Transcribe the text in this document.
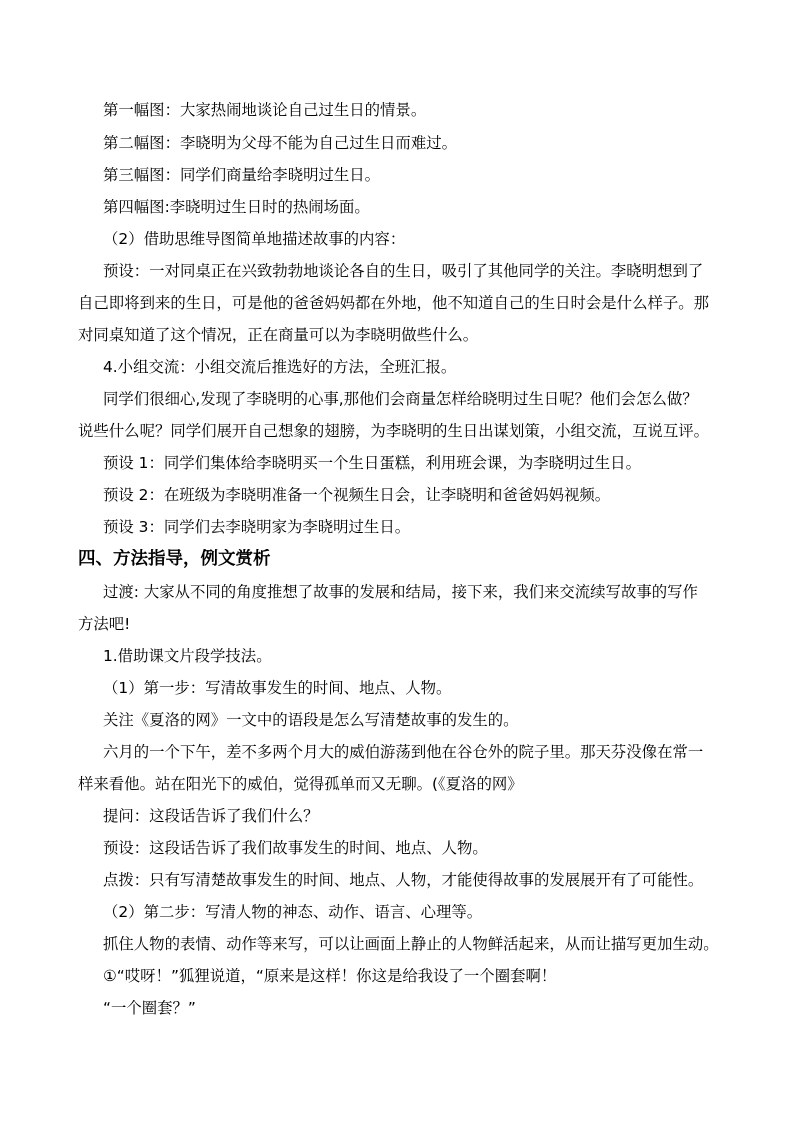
第一幅图：大家热闹地谈论自己过生日的情景。
第二幅图：李晓明为父母不能为自己过生日而难过。
第三幅图：同学们商量给李晓明过生日。
第四幅图:李晓明过生日时的热闹场面。
（2）借助思维导图简单地描述故事的内容：
预设：一对同桌正在兴致勃勃地谈论各自的生日，吸引了其他同学的关注。李晓明想到了
自己即将到来的生日，可是他的爸爸妈妈都在外地，他不知道自己的生日时会是什么样子。那
对同桌知道了这个情况，正在商量可以为李晓明做些什么。
4.小组交流：小组交流后推选好的方法，全班汇报。
同学们很细心,发现了李晓明的心事,那他们会商量怎样给晓明过生日呢？他们会怎么做？
说些什么呢？同学们展开自己想象的翅膀，为李晓明的生日出谋划策，小组交流，互说互评。
预设 1：同学们集体给李晓明买一个生日蛋糕，利用班会课，为李晓明过生日。
预设 2：在班级为李晓明准备一个视频生日会，让李晓明和爸爸妈妈视频。
预设 3：同学们去李晓明家为李晓明过生日。
四、方法指导，例文赏析
过渡: 大家从不同的角度推想了故事的发展和结局，接下来，我们来交流续写故事的写作
方法吧!
1.借助课文片段学技法。
（1）第一步：写清故事发生的时间、地点、人物。
关注《夏洛的网》一文中的语段是怎么写清楚故事的发生的。
六月的一个下午，差不多两个月大的威伯游荡到他在谷仓外的院子里。那天芬没像在常一
样来看他。站在阳光下的威伯，觉得孤单而又无聊。(《夏洛的网》
提问：这段话告诉了我们什么？
预设：这段话告诉了我们故事发生的时间、地点、人物。
点拨：只有写清楚故事发生的时间、地点、人物，才能使得故事的发展展开有了可能性。
（2）第二步：写清人物的神态、动作、语言、心理等。
抓住人物的表情、动作等来写，可以让画面上静止的人物鲜活起来，从而让描写更加生动。
①“哎呀！”狐狸说道，“原来是这样！你这是给我设了一个圈套啊！
“一个圈套？”
